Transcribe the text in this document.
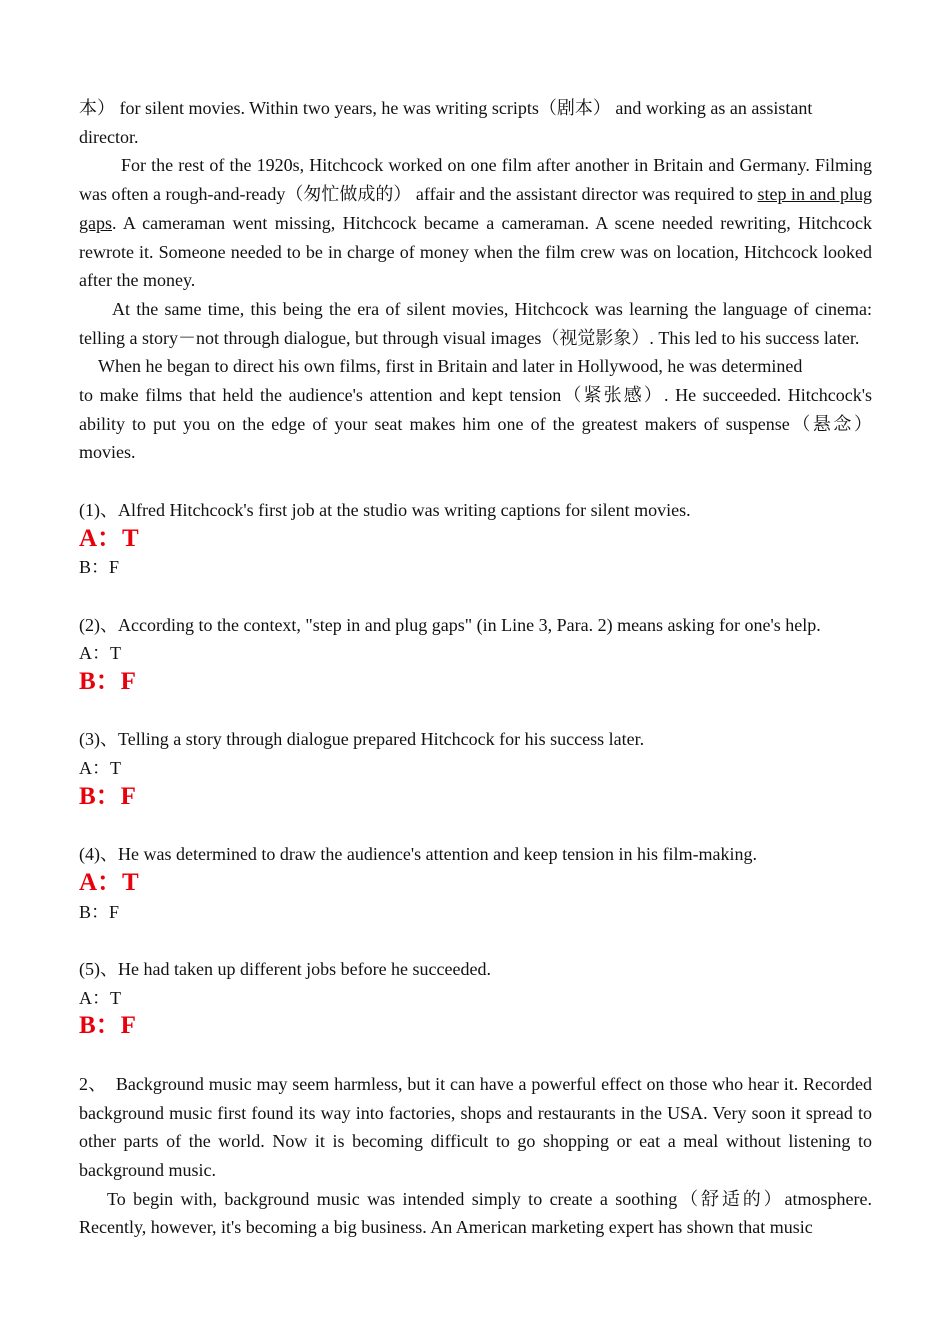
本） for silent movies. Within two years, he was writing scripts（剧本） and working as an assistant
director.

For the rest of the 1920s, Hitchcock worked on one film after another in Britain and Germany. Filming was often a rough-and-ready（匆忙做成的） affair and the assistant director was required to step in and plug gaps. A cameraman went missing, Hitchcock became a cameraman. A scene needed rewriting, Hitchcock rewrote it. Someone needed to be in charge of money when the film crew was on location, Hitchcock looked after the money.

At the same time, this being the era of silent movies, Hitchcock was learning the language of cinema: telling a story－not through dialogue, but through visual images（视觉影象）. This led to his success later.

When he began to direct his own films, first in Britain and later in Hollywood, he was determined
to make films that held the audience's attention and kept tension（紧张感）. He succeeded. Hitchcock's ability to put you on the edge of your seat makes him one of the greatest makers of suspense（悬念） movies.

(1)、Alfred Hitchcock's first job at the studio was writing captions for silent movies.

A：T

B：F

(2)、According to the context, "step in and plug gaps" (in Line 3, Para. 2) means asking for one's help.

A：T

B：F

(3)、Telling a story through dialogue prepared Hitchcock for his success later.

A：T

B：F

(4)、He was determined to draw the audience's attention and keep tension in his film-making.

A：T

B：F

(5)、He had taken up different jobs before he succeeded.

A：T

B：F

2、　Background music may seem harmless, but it can have a powerful effect on those who hear it. Recorded background music first found its way into factories, shops and restaurants in the USA. Very soon it spread to other parts of the world. Now it is becoming difficult to go shopping or eat a meal without listening to background music.

To begin with, background music was intended simply to create a soothing（舒适的）atmosphere. Recently, however, it's becoming a big business. An American marketing expert has shown that music
